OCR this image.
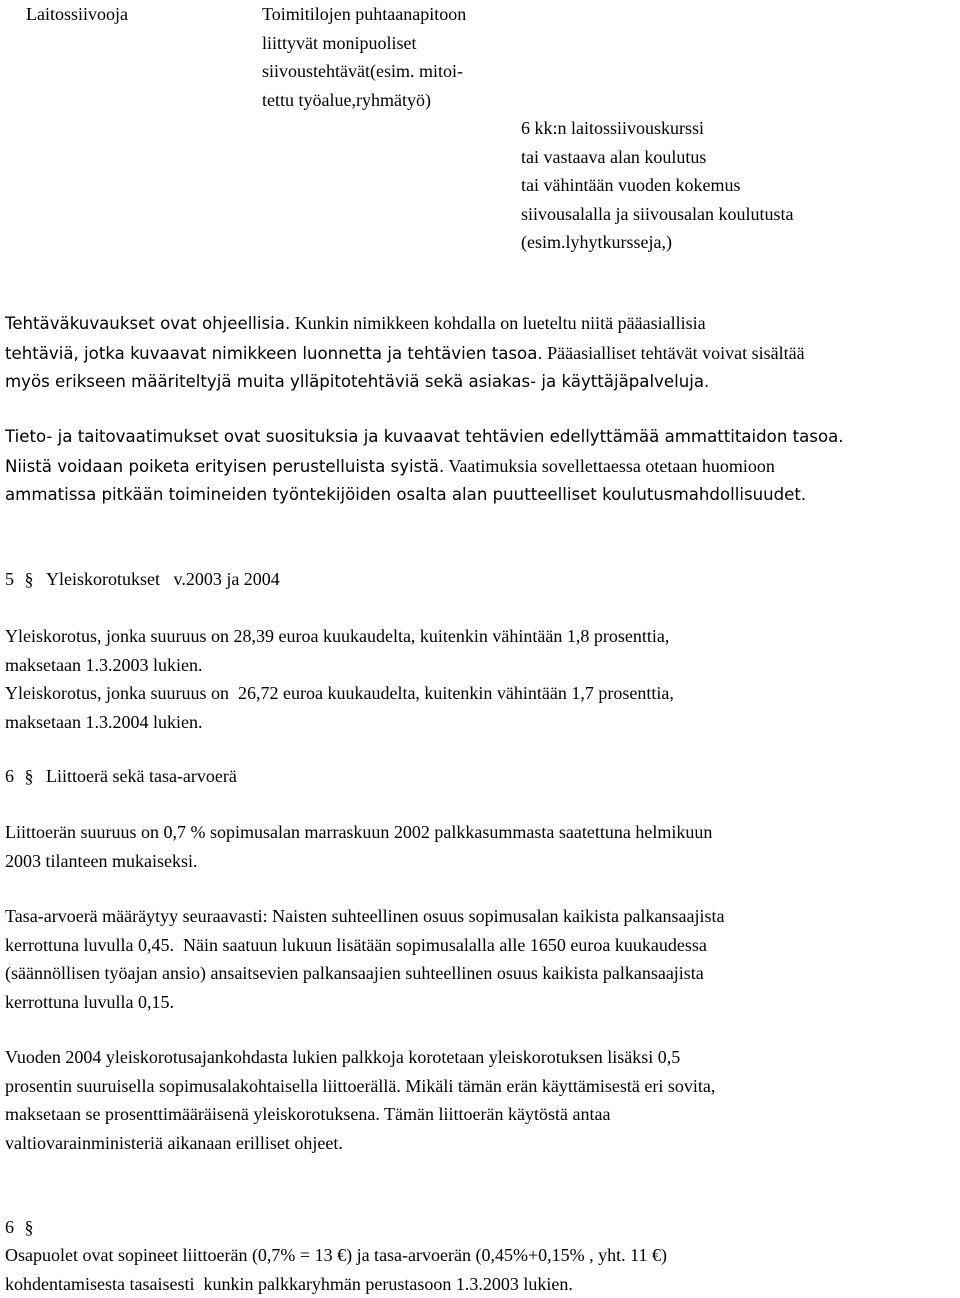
Laitossiivooja	Toimitilojen puhtaanapitoon
liittyvät monipuoliset
siivoustehtävät(esim. mitoi-
tettu työalue,ryhmätyö)
6 kk:n laitossiivouskurssi
tai vastaava alan koulutus
tai vähintään vuoden kokemus
siivousalalla ja siivousalan koulutusta
(esim.lyhytkursseja,)
Tehtäväkuvaukset ovat ohjeellisia. Kunkin nimikkeen kohdalla on lueteltu niitä pääasiallisia
tehtäviä, jotka kuvaavat nimikkeen luonnetta ja tehtävien tasoa. Pääasialliset tehtävät voivat sisältää
myös erikseen määriteltyjä muita ylläpitotehtäviä sekä asiakas- ja käyttäjäpalveluja.
Tieto- ja taitovaatimukset ovat suosituksia ja kuvaavat tehtävien edellyttämää ammattitaidon tasoa.
Niistä voidaan poiketa erityisen perustelluista syistä. Vaatimuksia sovellettaessa otetaan huomioon
ammatissa pitkään toimineiden työntekijöiden osalta alan puutteelliset koulutusmahdollisuudet.
5 § Yleiskorotukset   v.2003 ja 2004
Yleiskorotus, jonka suuruus on 28,39 euroa kuukaudelta, kuitenkin vähintään 1,8 prosenttia,
maksetaan 1.3.2003 lukien.
Yleiskorotus, jonka suuruus on  26,72 euroa kuukaudelta, kuitenkin vähintään 1,7 prosenttia,
maksetaan 1.3.2004 lukien.
6 § Liittoerä sekä tasa-arvoerä
Liittoerän suuruus on 0,7 % sopimusalan marraskuun 2002 palkkasummasta saatettuna helmikuun
2003 tilanteen mukaiseksi.
Tasa-arvoerä määräytyy seuraavasti: Naisten suhteellinen osuus sopimusalan kaikista palkansaajista
kerrottuna luvulla 0,45.  Näin saatuun lukuun lisätään sopimusalalla alle 1650 euroa kuukaudessa
(säännöllisen työajan ansio) ansaitsevien palkansaajien suhteellinen osuus kaikista palkansaajista
kerrottuna luvulla 0,15.
Vuoden 2004 yleiskorotusajankohdasta lukien palkkoja korotetaan yleiskorotuksen lisäksi 0,5
prosentin suuruisella sopimusalakohtaisella liittoerällä. Mikäli tämän erän käyttämisestä eri sovita,
maksetaan se prosenttimääräisenä yleiskorotuksena. Tämän liittoerän käytöstä antaa
valtiovarainministeriä aikanaan erilliset ohjeet.
6 §
Osapuolet ovat sopineet liittoerän (0,7% = 13 €) ja tasa-arvoerän (0,45%+0,15% , yht. 11 €)
kohdentamisesta tasaisesti  kunkin palkkaryhmän perustasoon 1.3.2003 lukien.
